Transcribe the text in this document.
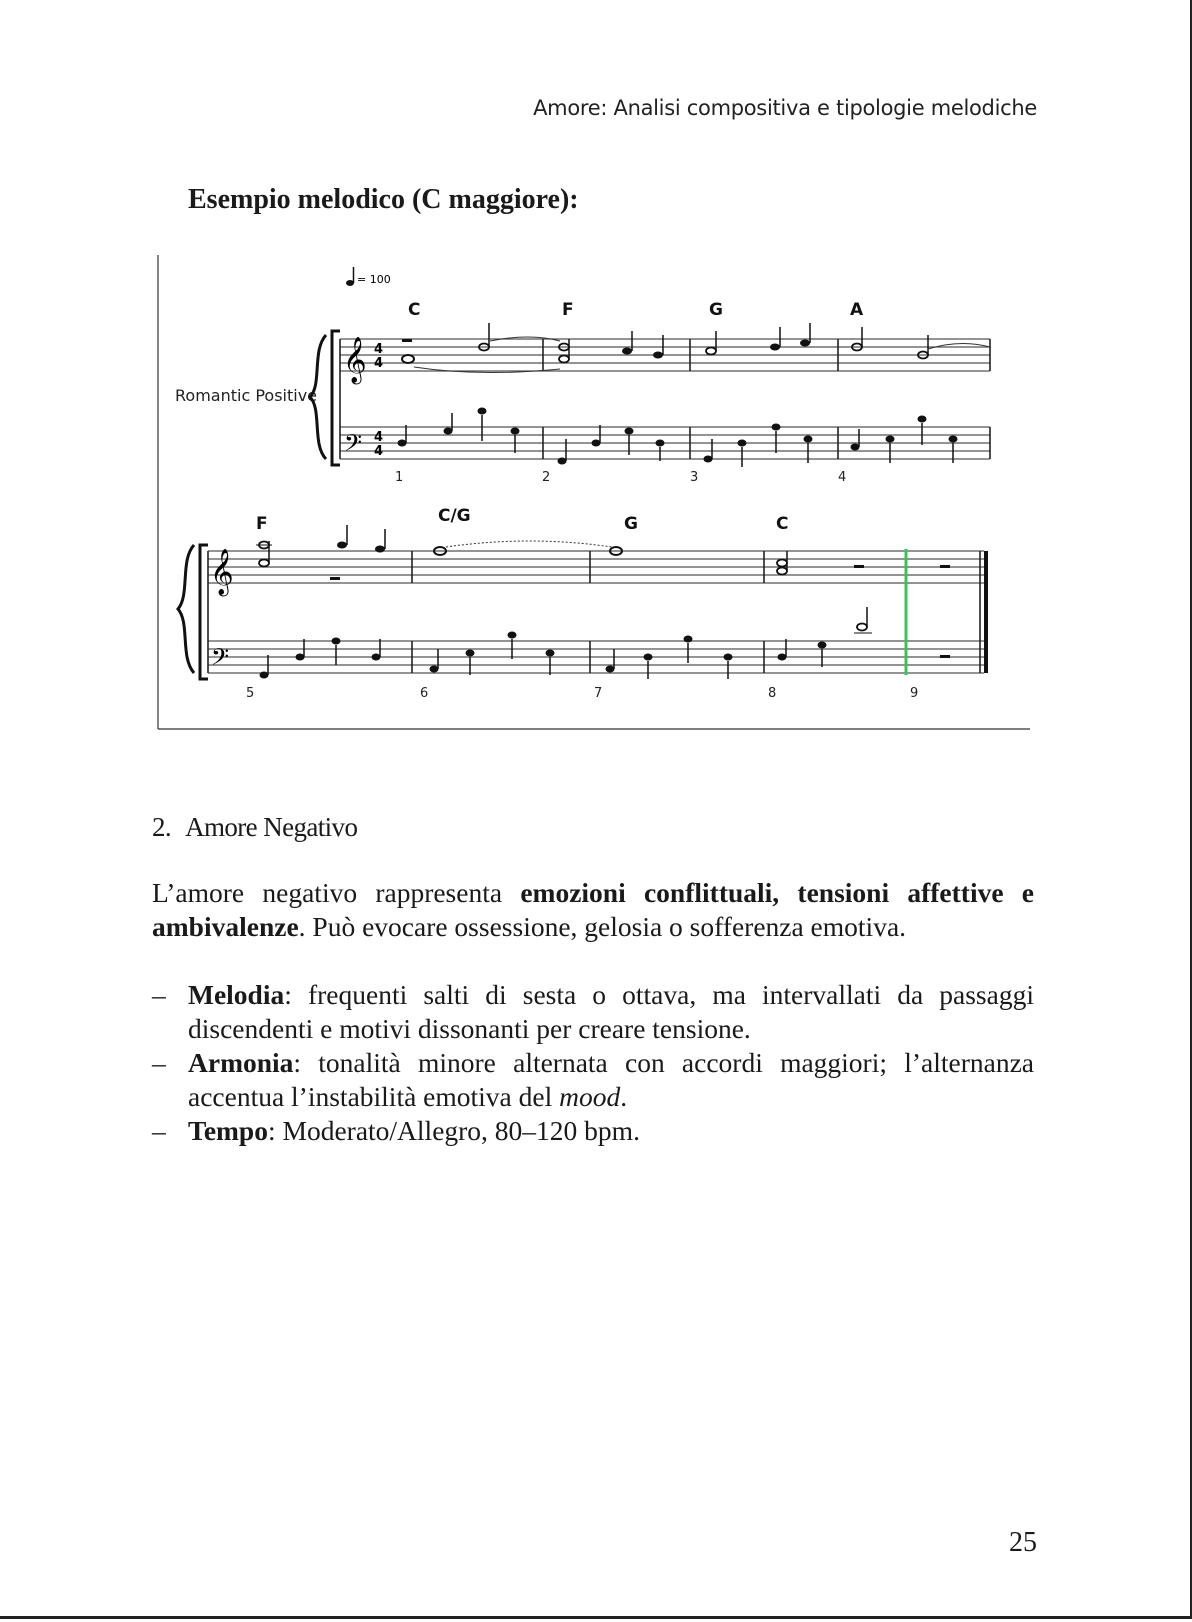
Amore: Analisi compositiva e tipologie melodiche
Esempio melodico (C maggiore):
= 100
C	F	G	A
Romantic Positive
𝄞
𝄢
4
4
4
4
1	2	3	4
F	C/G	G	C
𝄞
𝄢
5	6	7	8	9
2. Amore Negativo
L’amore negativo rappresenta emozioni conflittuali, tensioni affettive e ambivalenze. Può evocare ossessione, gelosia o sofferenza emotiva.
– Melodia: frequenti salti di sesta o ottava, ma intervallati da passaggi discendenti e motivi dissonanti per creare tensione.
– Armonia: tonalità minore alternata con accordi maggiori; l’alternanza accentua l’instabilità emotiva del mood.
– Tempo: Moderato/Allegro, 80–120 bpm.
25
